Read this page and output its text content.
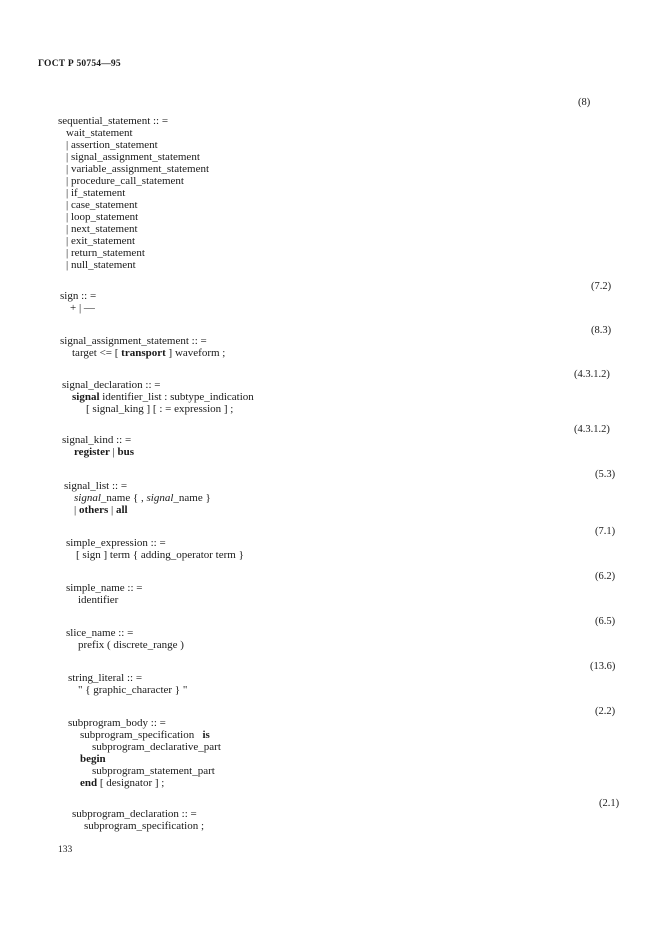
ГОСТ Р 50754—95
(8)
sequential_statement :: =
wait_statement
| assertion_statement
| signal_assignment_statement
| variable_assignment_statement
| procedure_call_statement
| if_statement
| case_statement
| loop_statement
| next_statement
| exit_statement
| return_statement
| null_statement
(7.2)
sign :: =
+ | —
(8.3)
signal_assignment_statement :: =
target <= [ transport ] waveform ;
(4.3.1.2)
signal_declaration :: =
signal identifier_list : subtype_indication
[ signal_king ] [ : = expression ] ;
(4.3.1.2)
signal_kind :: =
register | bus
(5.3)
signal_list :: =
signal_name { , signal_name }
| others | all
(7.1)
simple_expression :: =
[ sign ] term { adding_operator term }
(6.2)
simple_name :: =
identifier
(6.5)
slice_name :: =
prefix ( discrete_range )
(13.6)
string_literal :: =
" { graphic_character } "
(2.2)
subprogram_body :: =
subprogram_specification   is
subprogram_declarative_part
begin
subprogram_statement_part
end [ designator ] ;
(2.1)
subprogram_declaration :: =
subprogram_specification ;
133
